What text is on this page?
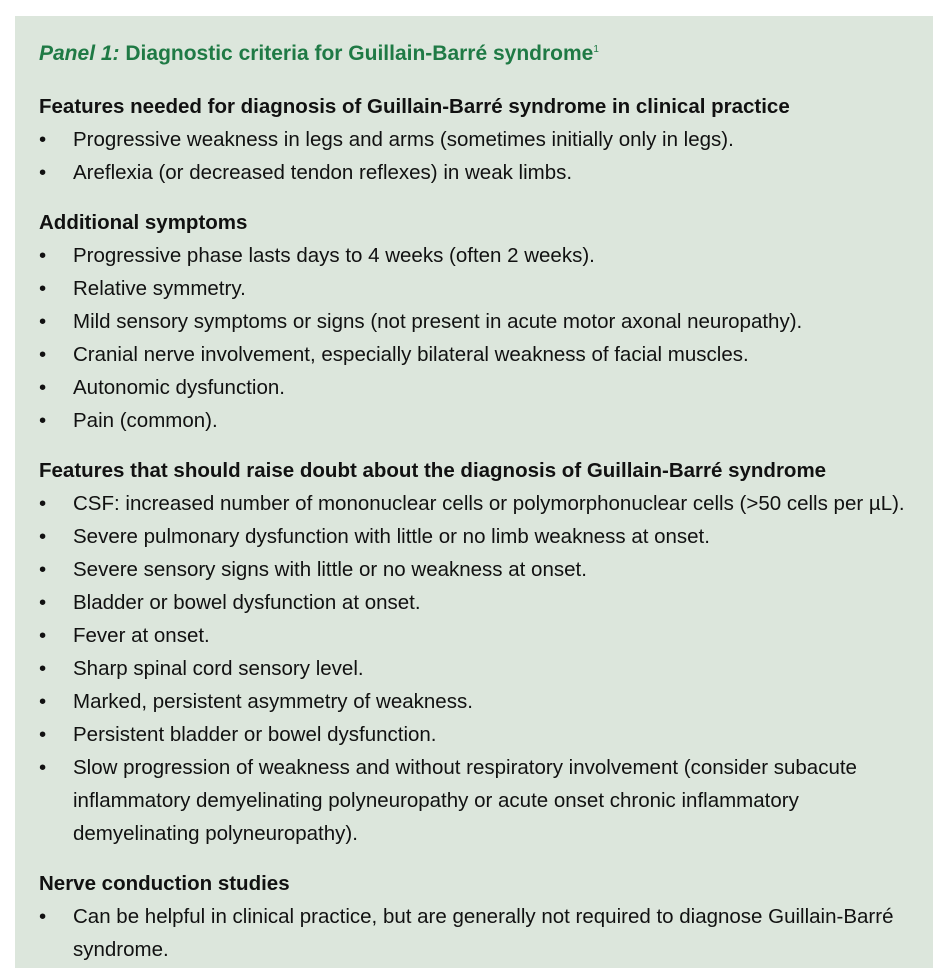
Panel 1: Diagnostic criteria for Guillain-Barré syndrome$^1$
Features needed for diagnosis of Guillain-Barré syndrome in clinical practice
• Progressive weakness in legs and arms (sometimes initially only in legs).
• Areflexia (or decreased tendon reflexes) in weak limbs.
Additional symptoms
• Progressive phase lasts days to 4 weeks (often 2 weeks).
• Relative symmetry.
• Mild sensory symptoms or signs (not present in acute motor axonal neuropathy).
• Cranial nerve involvement, especially bilateral weakness of facial muscles.
• Autonomic dysfunction.
• Pain (common).
Features that should raise doubt about the diagnosis of Guillain-Barré syndrome
• CSF: increased number of mononuclear cells or polymorphonuclear cells (>50 cells per µL).
• Severe pulmonary dysfunction with little or no limb weakness at onset.
• Severe sensory signs with little or no weakness at onset.
• Bladder or bowel dysfunction at onset.
• Fever at onset.
• Sharp spinal cord sensory level.
• Marked, persistent asymmetry of weakness.
• Persistent bladder or bowel dysfunction.
• Slow progression of weakness and without respiratory involvement (consider subacute inflammatory demyelinating polyneuropathy or acute onset chronic inflammatory demyelinating polyneuropathy).
Nerve conduction studies
• Can be helpful in clinical practice, but are generally not required to diagnose Guillain-Barré syndrome.
